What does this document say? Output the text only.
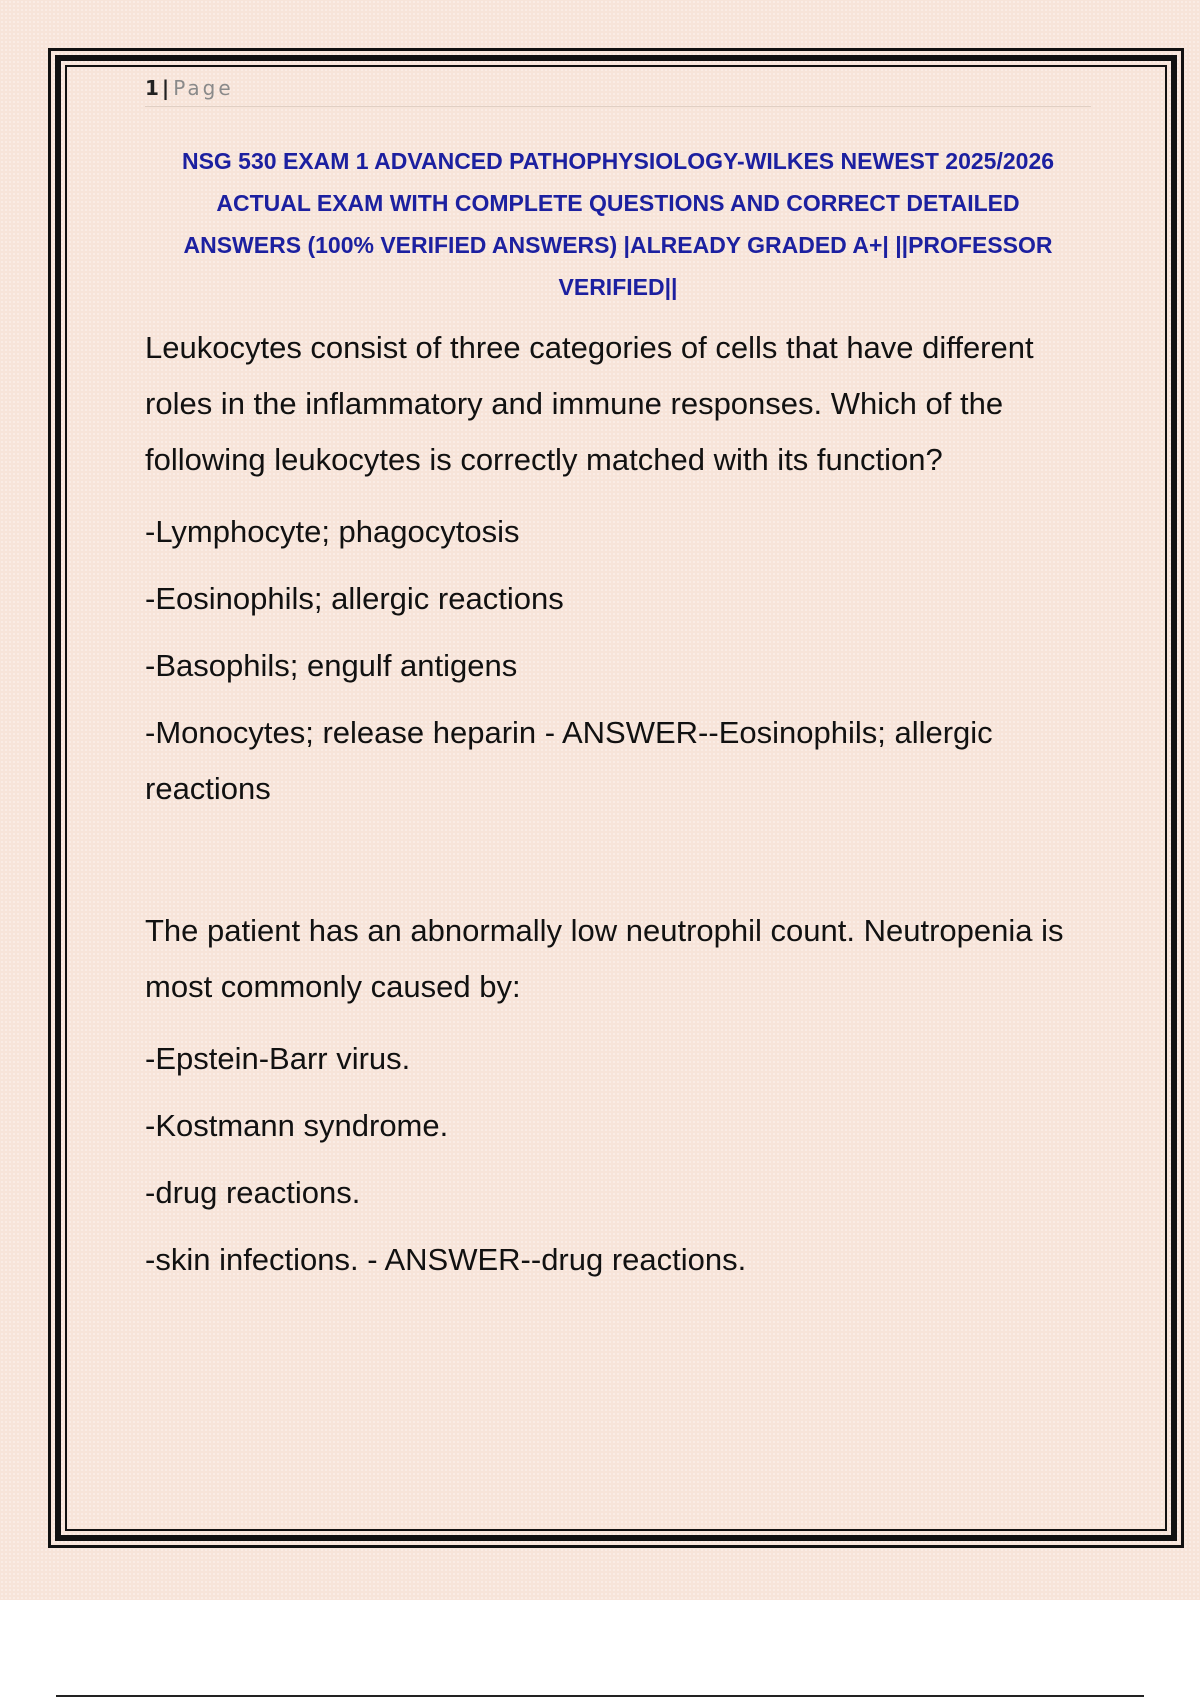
1 | Page
NSG 530 EXAM 1 ADVANCED PATHOPHYSIOLOGY-WILKES NEWEST 2025/2026
ACTUAL EXAM WITH COMPLETE QUESTIONS AND CORRECT DETAILED
ANSWERS (100% VERIFIED ANSWERS) |ALREADY GRADED A+| ||PROFESSOR
VERIFIED||

Leukocytes consist of three categories of cells that have different roles in the inflammatory and immune responses. Which of the following leukocytes is correctly matched with its function?

-Lymphocyte; phagocytosis

-Eosinophils; allergic reactions

-Basophils; engulf antigens

-Monocytes; release heparin - ANSWER--Eosinophils; allergic reactions

The patient has an abnormally low neutrophil count. Neutropenia is most commonly caused by:

-Epstein-Barr virus.

-Kostmann syndrome.

-drug reactions.

-skin infections. - ANSWER--drug reactions.
